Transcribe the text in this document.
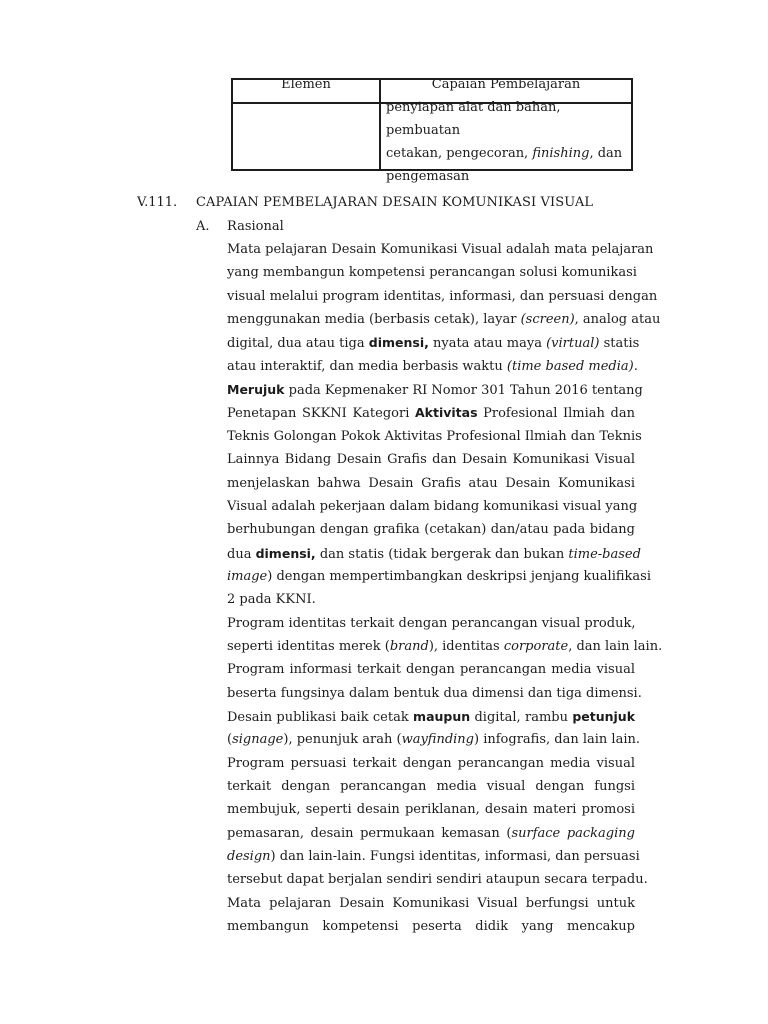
Elemen	Capaian Pembelajaran

	penyiapan alat dan bahan, pembuatan
cetakan, pengecoran, finishing, dan
pengemasan
V.111. CAPAIAN PEMBELAJARAN DESAIN KOMUNIKASI VISUAL
A. Rasional
Mata pelajaran Desain Komunikasi Visual adalah mata pelajaran
yang membangun kompetensi perancangan solusi komunikasi
visual melalui program identitas, informasi, dan persuasi dengan
menggunakan media (berbasis cetak), layar (screen), analog atau
digital, dua atau tiga dimensi, nyata atau maya (virtual) statis
atau interaktif, dan media berbasis waktu (time based media).
Merujuk pada Kepmenaker RI Nomor 301 Tahun 2016 tentang
Penetapan SKKNI Kategori Aktivitas Profesional Ilmiah dan
Teknis Golongan Pokok Aktivitas Profesional Ilmiah dan Teknis
Lainnya Bidang Desain Grafis dan Desain Komunikasi Visual
menjelaskan bahwa Desain Grafis atau Desain Komunikasi
Visual adalah pekerjaan dalam bidang komunikasi visual yang
berhubungan dengan grafika (cetakan) dan/atau pada bidang
dua dimensi, dan statis (tidak bergerak dan bukan time-based
image) dengan mempertimbangkan deskripsi jenjang kualifikasi
2 pada KKNI.
Program identitas terkait dengan perancangan visual produk,
seperti identitas merek (brand), identitas corporate, dan lain lain.
Program informasi terkait dengan perancangan media visual
beserta fungsinya dalam bentuk dua dimensi dan tiga dimensi.
Desain publikasi baik cetak maupun digital, rambu petunjuk
(signage), penunjuk arah (wayfinding) infografis, dan lain lain.
Program persuasi terkait dengan perancangan media visual
terkait dengan perancangan media visual dengan fungsi
membujuk, seperti desain periklanan, desain materi promosi
pemasaran, desain permukaan kemasan (surface packaging
design) dan lain-lain. Fungsi identitas, informasi, dan persuasi
tersebut dapat berjalan sendiri sendiri ataupun secara terpadu.
Mata pelajaran Desain Komunikasi Visual berfungsi untuk
membangun kompetensi peserta didik yang mencakup
